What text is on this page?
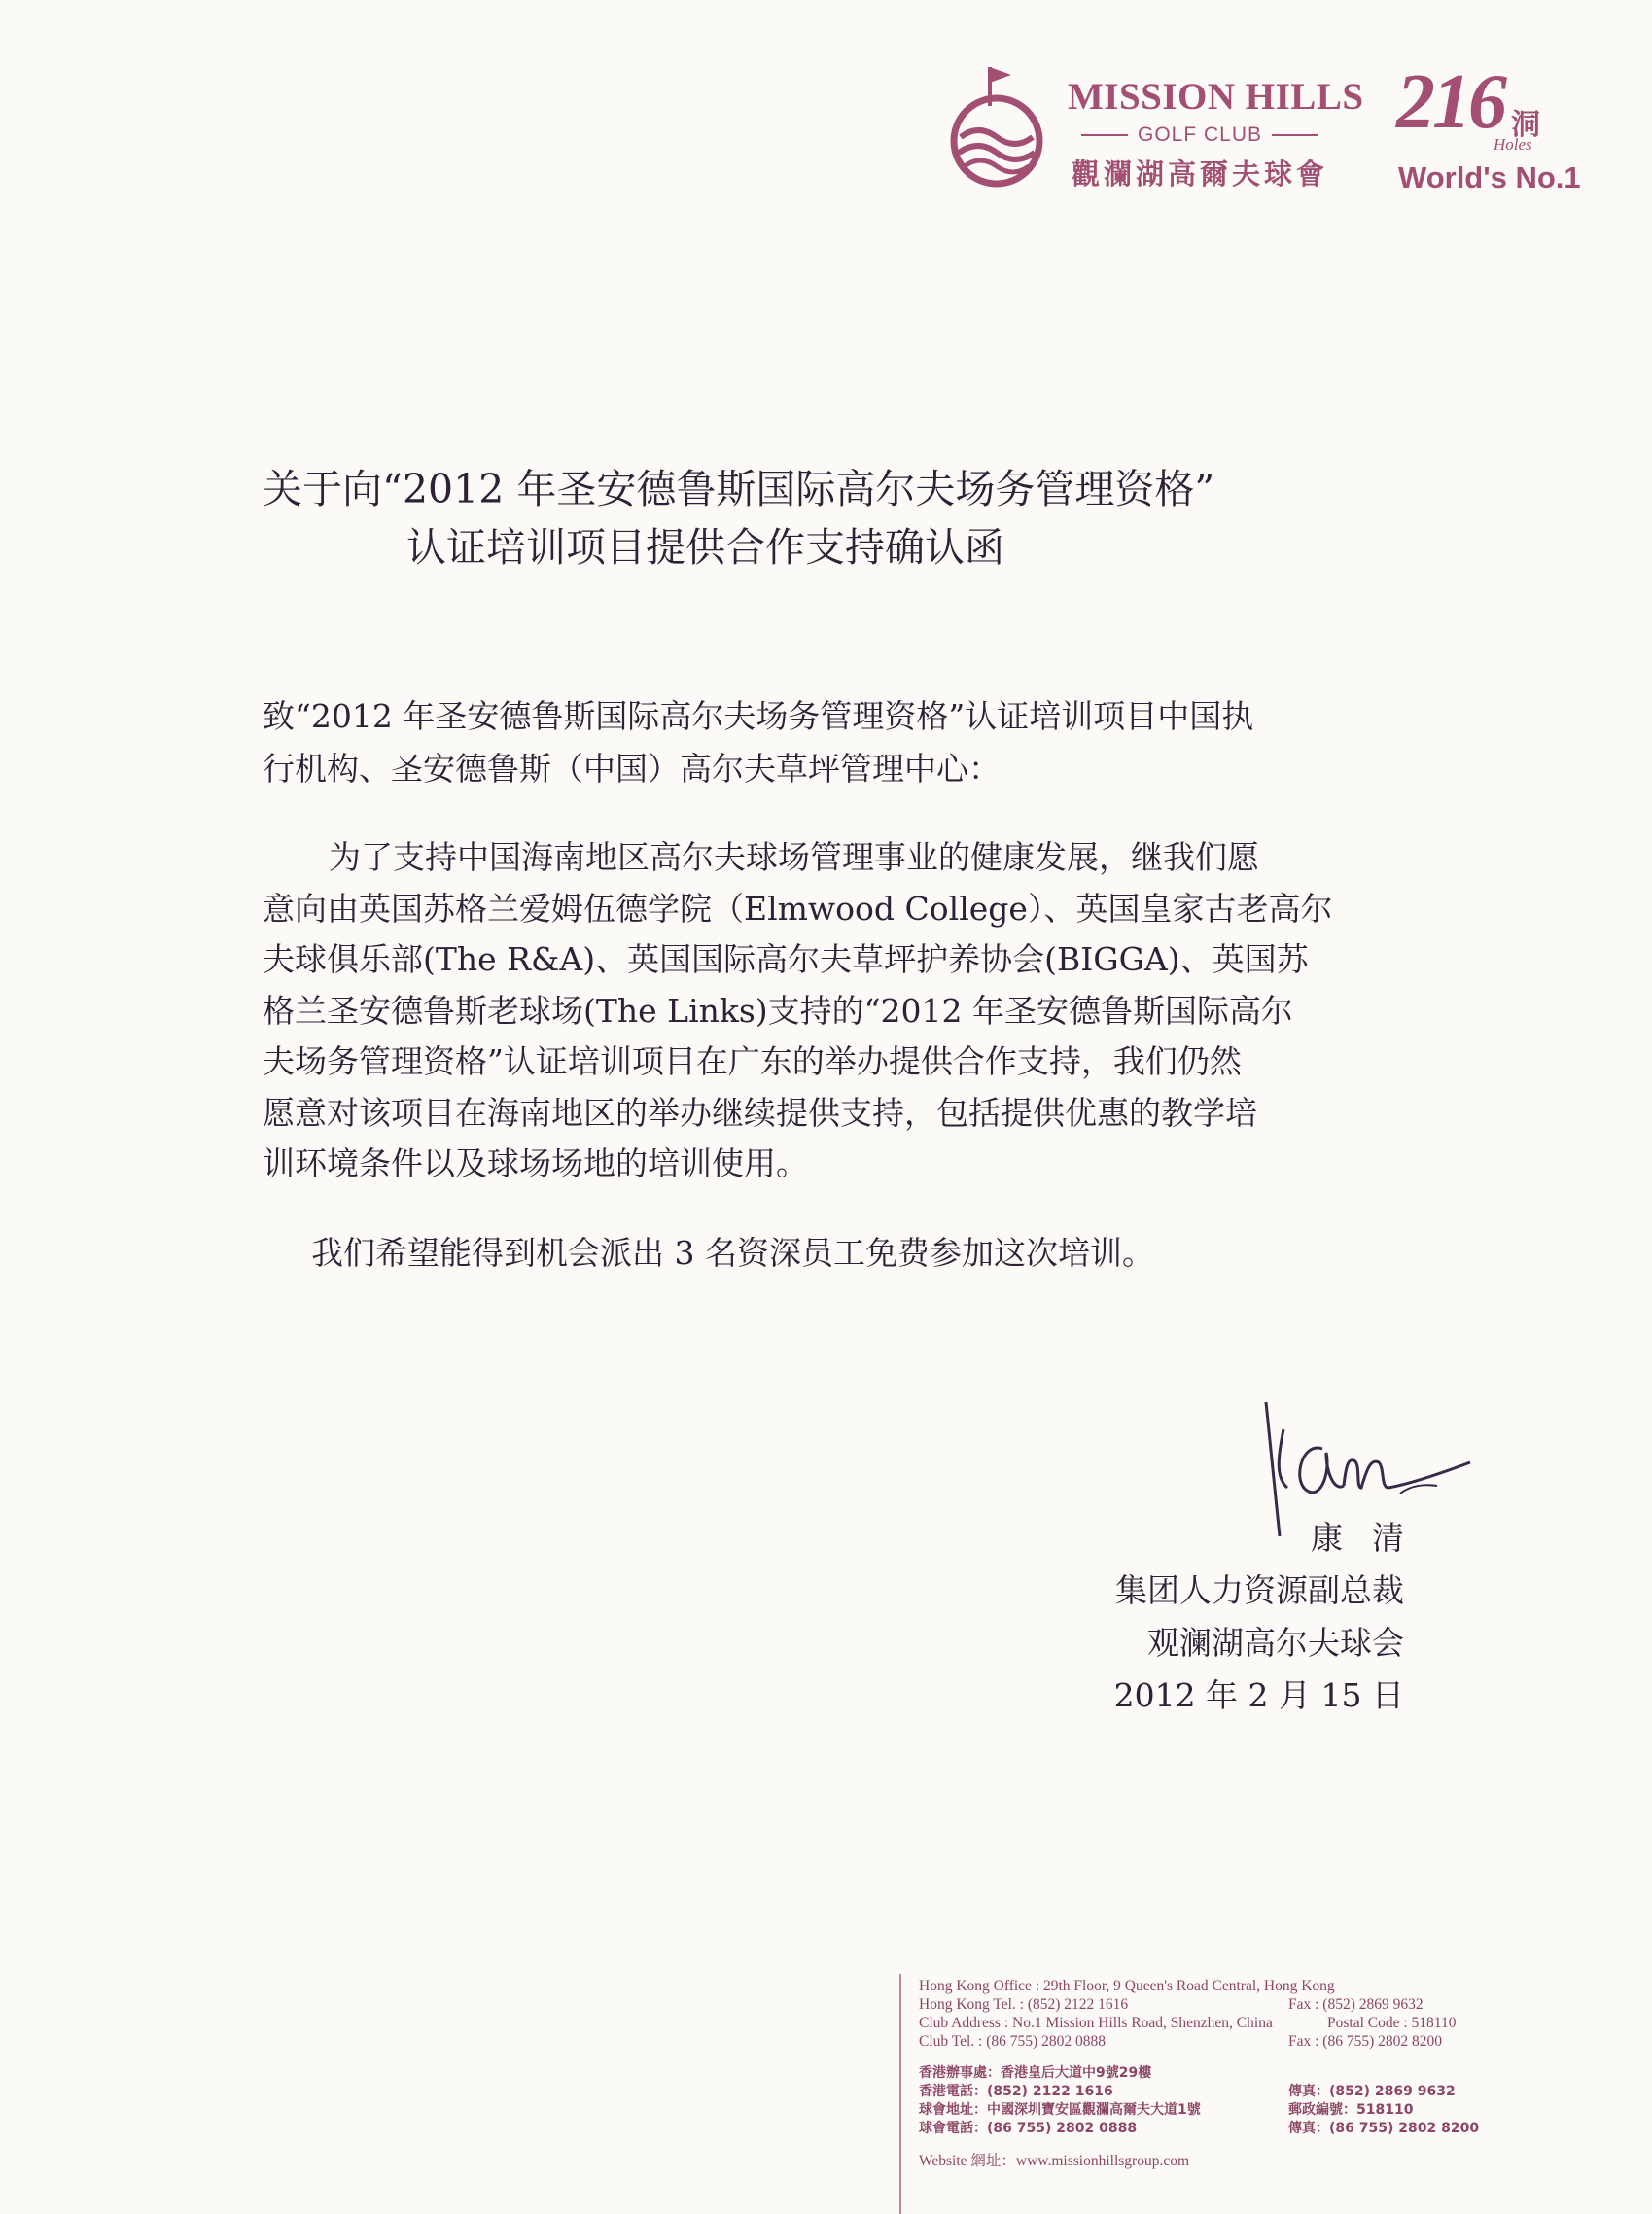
MISSION HILLS
GOLF CLUB
觀瀾湖高爾夫球會
216 洞
Holes
World's No.1
关于向“2012 年圣安德鲁斯国际高尔夫场务管理资格”
认证培训项目提供合作支持确认函
致“2012 年圣安德鲁斯国际高尔夫场务管理资格”认证培训项目中国执
行机构、圣安德鲁斯（中国）高尔夫草坪管理中心：
为了支持中国海南地区高尔夫球场管理事业的健康发展，继我们愿
意向由英国苏格兰爱姆伍德学院（Elmwood College）、英国皇家古老高尔
夫球俱乐部(The R&A)、英国国际高尔夫草坪护养协会(BIGGA)、英国苏
格兰圣安德鲁斯老球场(The Links)支持的“2012 年圣安德鲁斯国际高尔
夫场务管理资格”认证培训项目在广东的举办提供合作支持，我们仍然
愿意对该项目在海南地区的举办继续提供支持，包括提供优惠的教学培
训环境条件以及球场场地的培训使用。
我们希望能得到机会派出 3 名资深员工免费参加这次培训。
康清
集团人力资源副总裁
观澜湖高尔夫球会
2012 年 2 月 15 日
Hong Kong Office : 29th Floor, 9 Queen's Road Central, Hong Kong
Hong Kong Tel. : (852) 2122 1616	Fax : (852) 2869 9632
Club Address : No.1 Mission Hills Road, Shenzhen, China	Postal Code : 518110
Club Tel. : (86 755) 2802 0888	Fax : (86 755) 2802 8200
香港辦事處：香港皇后大道中9號29樓
香港電話：(852) 2122 1616	傳真：(852) 2869 9632
球會地址：中國深圳寶安區觀瀾高爾夫大道1號	郵政編號：518110
球會電話：(86 755) 2802 0888	傳真：(86 755) 2802 8200
Website 網址：www.missionhillsgroup.com
